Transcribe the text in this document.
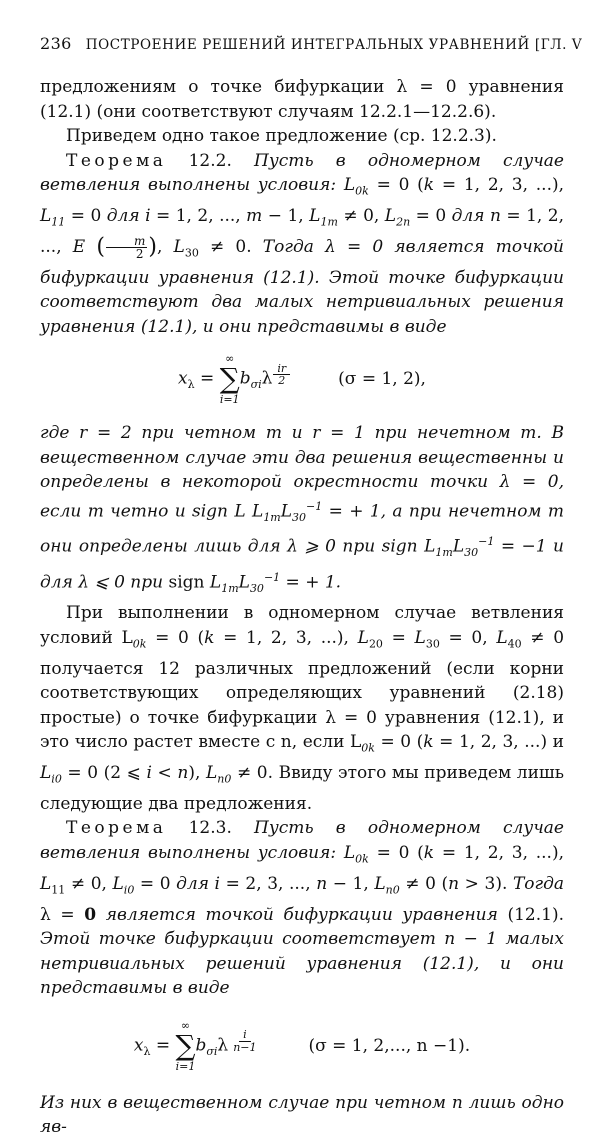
236 ПОСТРОЕНИЕ РЕШЕНИЙ ИНТЕГРАЛЬНЫХ УРАВНЕНИЙ [ГЛ. V

предложениям о точке бифуркации λ = 0 уравнения (12.1) (они соответствуют случаям 12.2.1—12.2.6).

Приведем одно такое предложение (ср. 12.2.3).

Теорема 12.2. Пусть в одномерном случае ветвления выполнены условия: $L_{0k} = 0$ (k = 1, 2, 3, ...), $L_{11} = 0$ для i = 1, 2, ..., m − 1, $L_{1m} \ne 0$, $L_{2n} = 0$ для n = 1, 2, ..., E ( $\frac{m}{2}$ ), $L_{30} \ne 0$. Тогда λ = 0 является точкой бифуркации уравнения (12.1). Этой точке бифуркации соответствуют два малых нетривиальных решения уравнения (12.1), и они представимы в виде

$x_\lambda$ =
∞
∑
i=1
$b_{\sigma i}\lambda \frac{ir}{2}$	(σ = 1, 2),

где r = 2 при четном m и r = 1 при нечетном m. В вещественном случае эти два решения вещественны и определены в некоторой окрестности точки λ = 0, если m четно и sign L $L_{1m}L_{30}^{-1}$ = + 1, а при нечетном m они определены лишь для λ ⩾ 0 при sign $L_{1m}L_{30}^{-1} = -1$ и для λ ⩽ 0 при sign $L_{1m}L_{30}^{-1}$ = + 1.

При выполнении в одномерном случае ветвления условий $L_{0k} = 0$ (k = 1, 2, 3, ...), $L_{20} = L_{30} = 0$, $L_{40} \ne 0$ получается 12 различных предложений (если корни соответствующих определяющих уравнений (2.18) простые) о точке бифуркации λ = 0 уравнения (12.1), и это число растет вместе с n, если $L_{0k} = 0$ (k = 1, 2, 3, ...) и $L_{i0} = 0$ (2 ⩽ i < n), $L_{n0} \ne 0$. Ввиду этого мы приведем лишь следующие два предложения.

Теорема 12.3. Пусть в одномерном случае ветвления выполнены условия: $L_{0k} = 0$ (k = 1, 2, 3, ...), $L_{11} \ne 0$, $L_{i0} = 0$ для i = 2, 3, ..., n − 1, $L_{n0} \ne 0$ (n > 3). Тогда λ = 0 является точкой бифуркации уравнения (12.1). Этой точке бифуркации соответствует n − 1 малых нетривиальных решений уравнения (12.1), и они представимы в виде

$x_\lambda$ =
∞
∑
i=1
$b_{\sigma i}\lambda \frac{i}{n-1}$	(σ = 1, 2,..., n −1).

Из них в вещественном случае при четном n лишь одно яв-
